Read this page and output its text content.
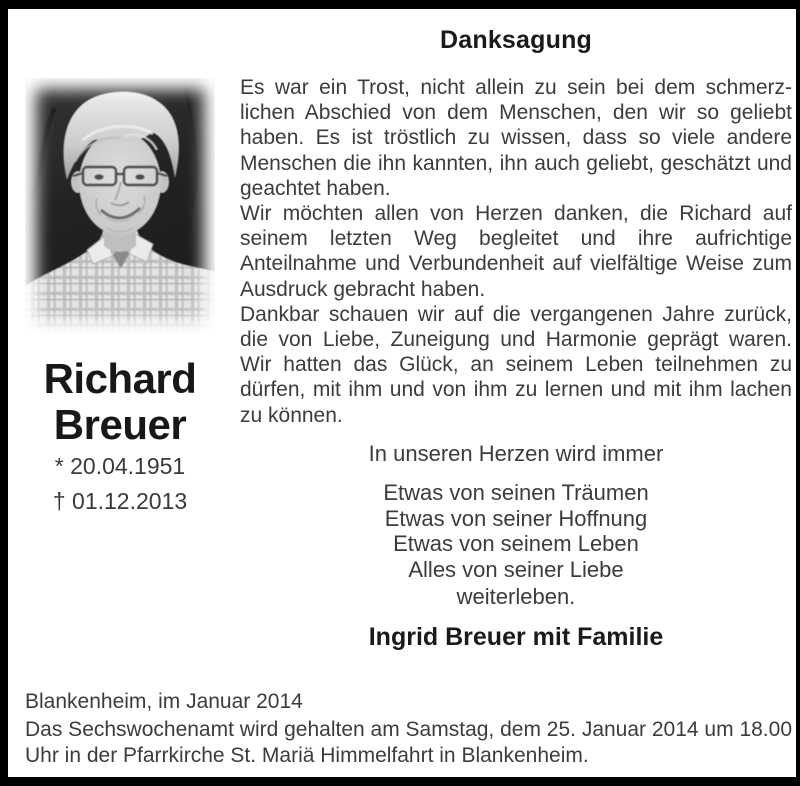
Danksagung
Richard
Breuer
* 20.04.1951
† 01.12.2013

Es war ein Trost, nicht allein zu sein bei dem schmerzlichen Abschied von dem Menschen, den wir so geliebt haben. Es ist tröstlich zu wissen, dass so viele andere Menschen die ihn kannten, ihn auch geliebt, geschätzt und geachtet haben.

Wir möchten allen von Herzen danken, die Richard auf seinem letzten Weg begleitet und ihre aufrichtige Anteilnahme und Verbundenheit auf vielfältige Weise zum Ausdruck gebracht haben.

Dankbar schauen wir auf die vergangenen Jahre zurück, die von Liebe, Zuneigung und Harmonie geprägt waren. Wir hatten das Glück, an seinem Leben teilnehmen zu dürfen, mit ihm und von ihm zu lernen und mit ihm lachen zu können.

In unseren Herzen wird immer
Etwas von seinen Träumen
Etwas von seiner Hoffnung
Etwas von seinem Leben
Alles von seiner Liebe
weiterleben.
Ingrid Breuer mit Familie
Blankenheim, im Januar 2014
Das Sechswochenamt wird gehalten am Samstag, dem 25. Januar 2014 um 18.00 Uhr in der Pfarrkirche St. Mariä Himmelfahrt in Blankenheim.
